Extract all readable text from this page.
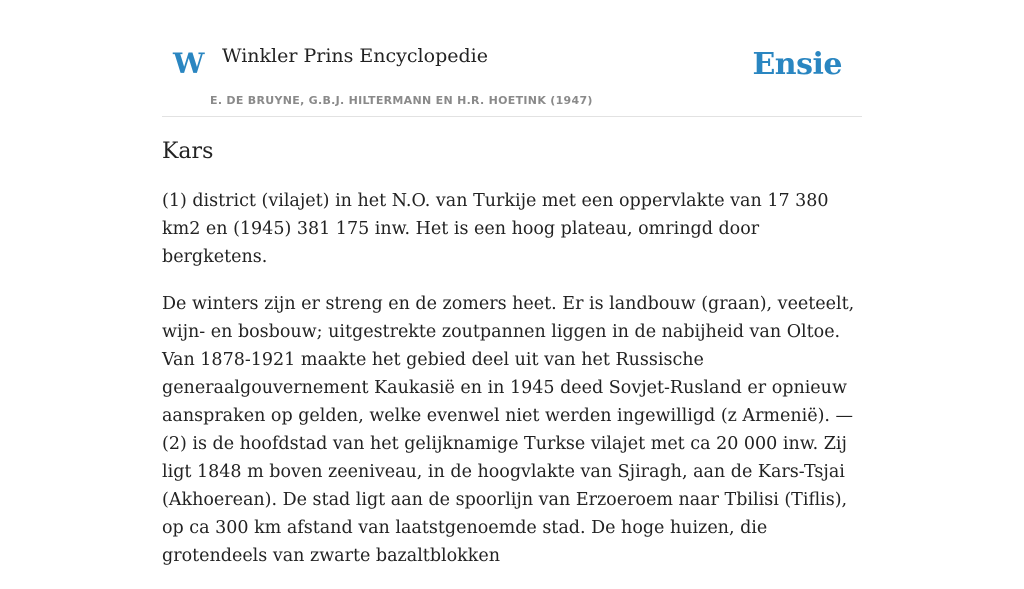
W Winkler Prins Encyclopedie
E. DE BRUYNE, G.B.J. HILTERMANN EN H.R. HOETINK (1947)
Ensie
Kars

(1) district (vilajet) in het N.O. van Turkije met een oppervlakte van 17 380 km2 en (1945) 381 175 inw. Het is een hoog plateau, omringd door bergketens.

De winters zijn er streng en de zomers heet. Er is landbouw (graan), veeteelt, wijn- en bosbouw; uitgestrekte zoutpannen liggen in de nabijheid van Oltoe. Van 1878-1921 maakte het gebied deel uit van het Russische generaalgouvernement Kaukasië en in 1945 deed Sovjet-Rusland er opnieuw aanspraken op gelden, welke evenwel niet werden ingewilligd (z Armenië). — (2) is de hoofdstad van het gelijknamige Turkse vilajet met ca 20 000 inw. Zij ligt 1848 m boven zeeniveau, in de hoogvlakte van Sjiragh, aan de Kars-Tsjai (Akhoerean). De stad ligt aan de spoorlijn van Erzoeroem naar Tbilisi (Tiflis), op ca 300 km afstand van laatstgenoemde stad. De hoge huizen, die grotendeels van zwarte bazaltblokken
